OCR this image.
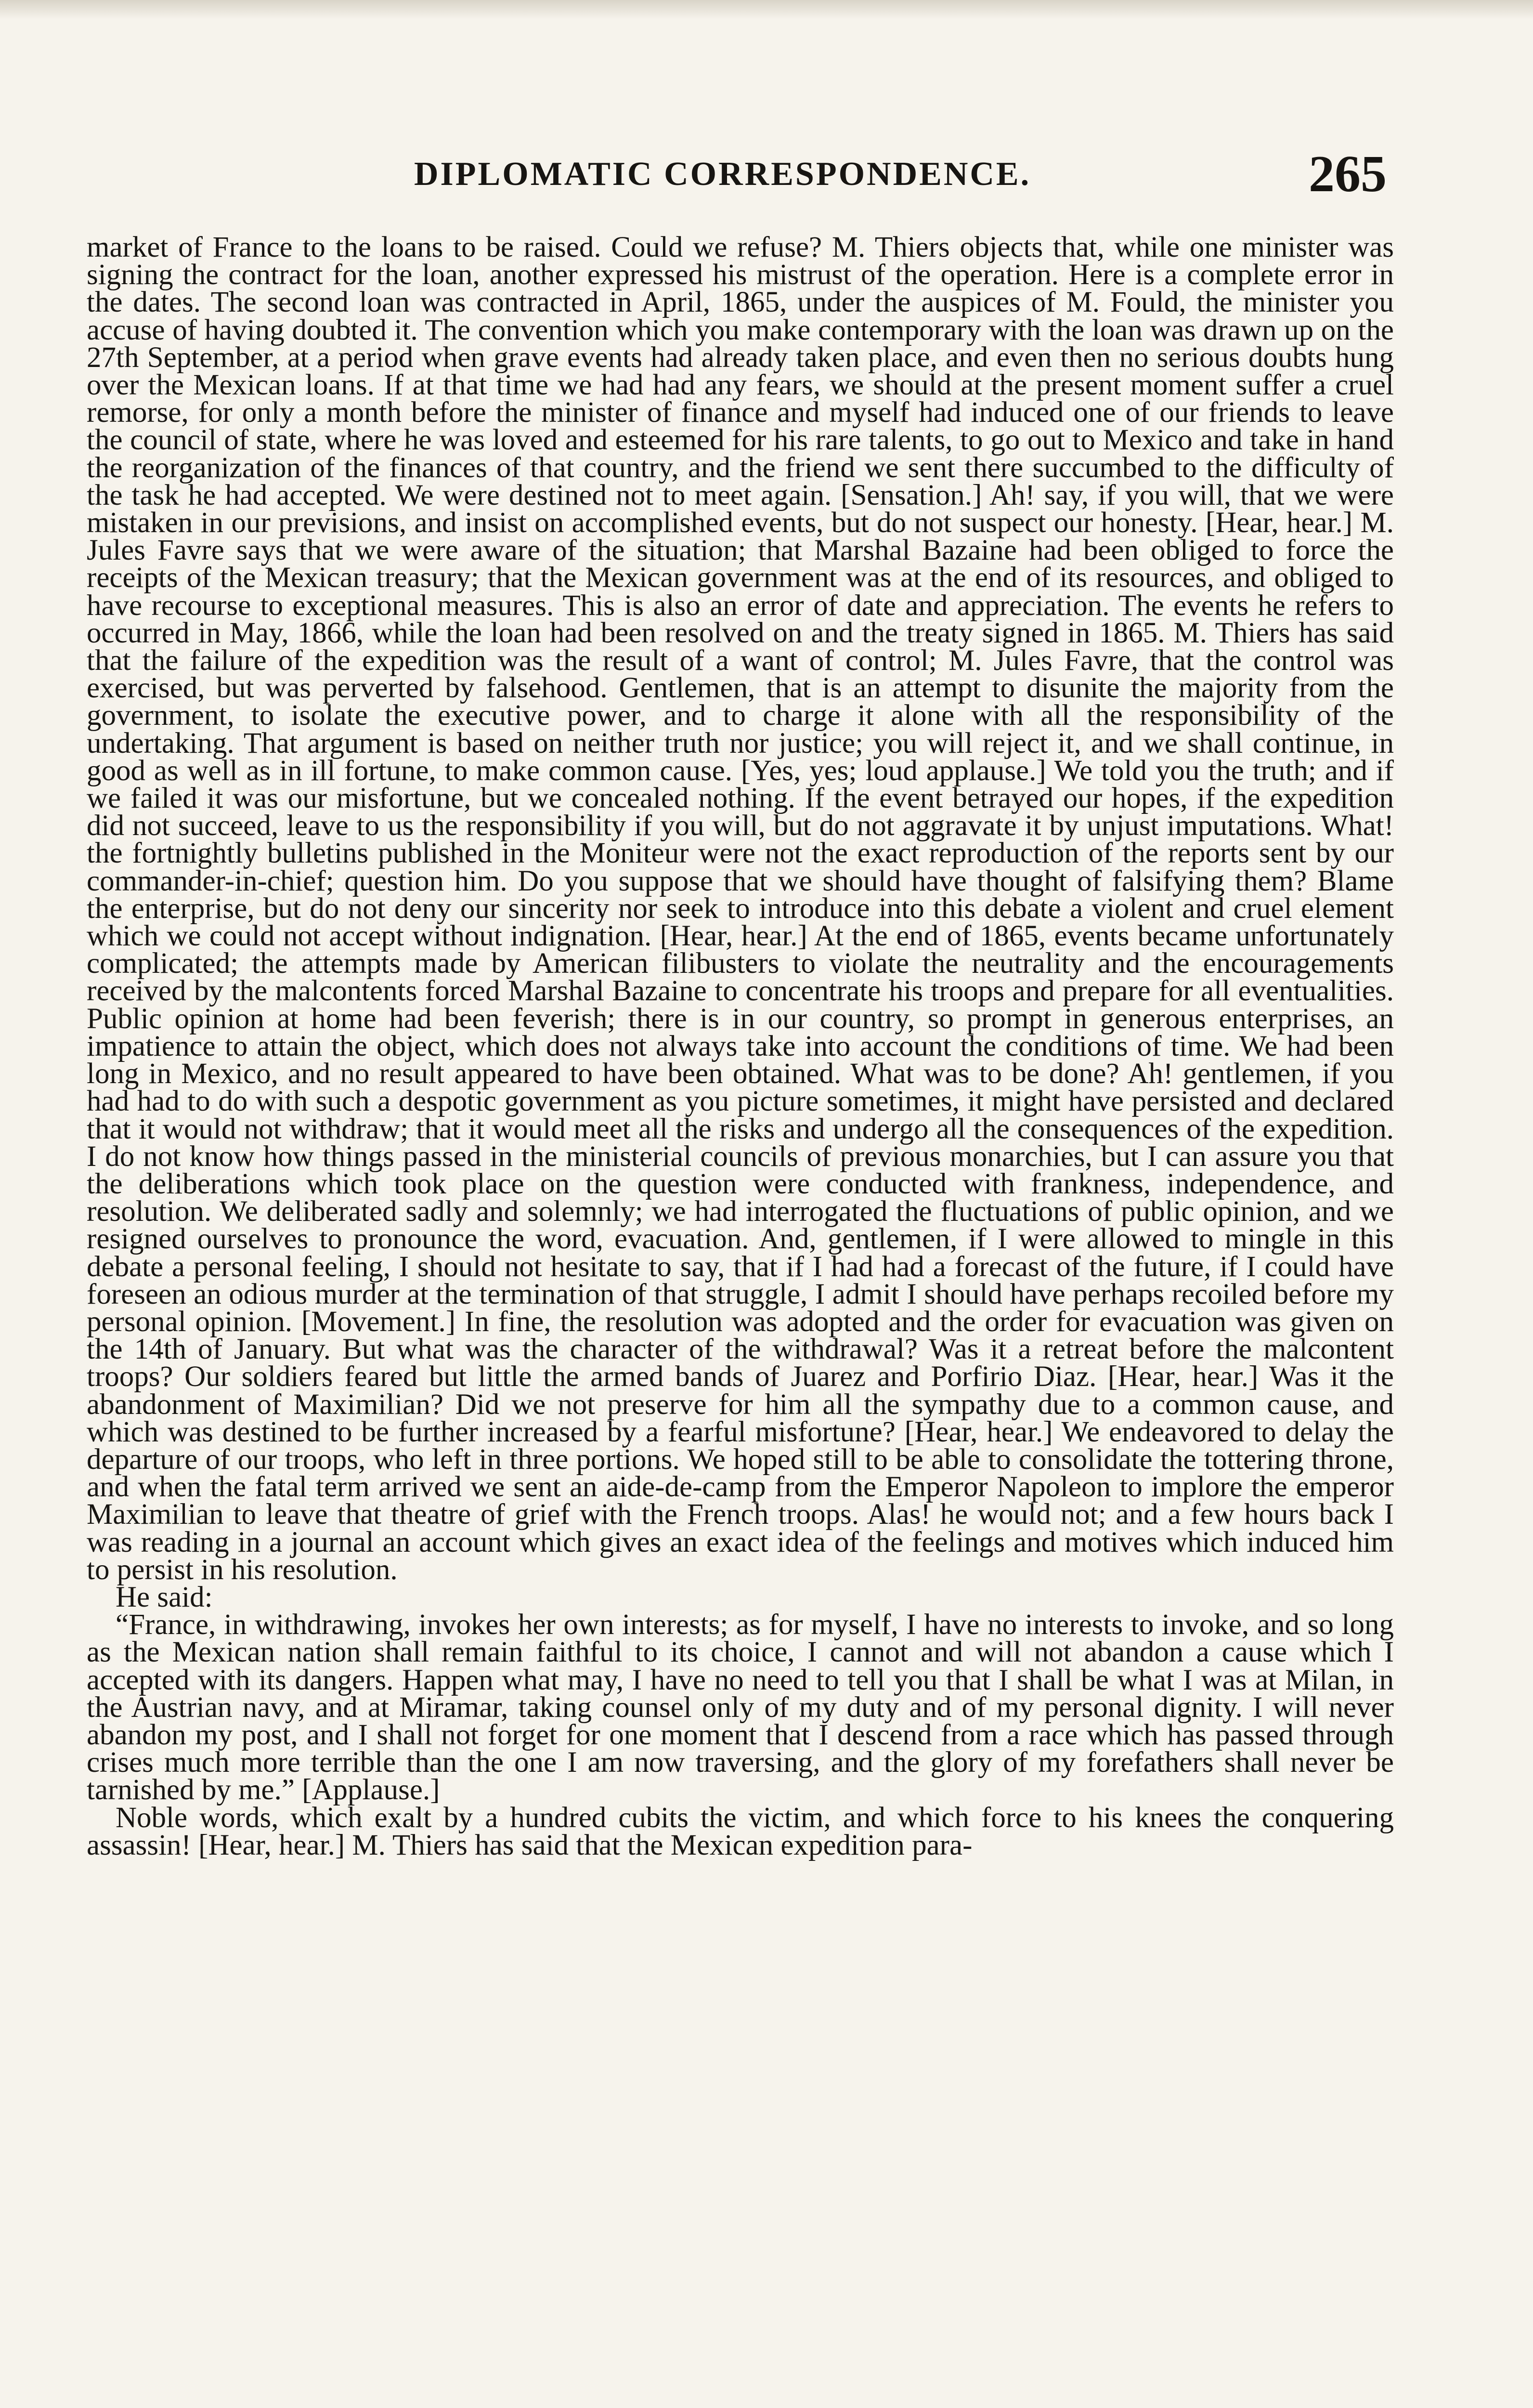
DIPLOMATIC CORRESPONDENCE.	265

market of France to the loans to be raised. Could we refuse? M. Thiers objects that, while one minister was signing the contract for the loan, another expressed his mistrust of the operation. Here is a complete error in the dates. The second loan was contracted in April, 1865, under the auspices of M. Fould, the minister you accuse of having doubted it. The convention which you make contemporary with the loan was drawn up on the 27th September, at a period when grave events had already taken place, and even then no serious doubts hung over the Mexican loans. If at that time we had had any fears, we should at the present moment suffer a cruel remorse, for only a month before the minister of finance and myself had induced one of our friends to leave the council of state, where he was loved and esteemed for his rare talents, to go out to Mexico and take in hand the reorganization of the finances of that country, and the friend we sent there succumbed to the difficulty of the task he had accepted. We were destined not to meet again. [Sensation.] Ah! say, if you will, that we were mistaken in our previsions, and insist on accomplished events, but do not suspect our honesty. [Hear, hear.] M. Jules Favre says that we were aware of the situation; that Marshal Bazaine had been obliged to force the receipts of the Mexican treasury; that the Mexican government was at the end of its resources, and obliged to have recourse to exceptional measures. This is also an error of date and appreciation. The events he refers to occurred in May, 1866, while the loan had been resolved on and the treaty signed in 1865. M. Thiers has said that the failure of the expedition was the result of a want of control; M. Jules Favre, that the control was exercised, but was perverted by falsehood. Gentlemen, that is an attempt to disunite the majority from the government, to isolate the executive power, and to charge it alone with all the responsibility of the undertaking. That argument is based on neither truth nor justice; you will reject it, and we shall continue, in good as well as in ill fortune, to make common cause. [Yes, yes; loud applause.] We told you the truth; and if we failed it was our misfortune, but we concealed nothing. If the event betrayed our hopes, if the expedition did not succeed, leave to us the responsibility if you will, but do not aggravate it by unjust imputations. What! the fortnightly bulletins published in the Moniteur were not the exact reproduction of the reports sent by our commander-in-chief; question him. Do you suppose that we should have thought of falsifying them? Blame the enterprise, but do not deny our sincerity nor seek to introduce into this debate a violent and cruel element which we could not accept without indignation. [Hear, hear.] At the end of 1865, events became unfortunately complicated; the attempts made by American filibusters to violate the neutrality and the encouragements received by the malcontents forced Marshal Bazaine to concentrate his troops and prepare for all eventualities. Public opinion at home had been feverish; there is in our country, so prompt in generous enterprises, an impatience to attain the object, which does not always take into account the conditions of time. We had been long in Mexico, and no result appeared to have been obtained. What was to be done? Ah! gentlemen, if you had had to do with such a despotic government as you picture sometimes, it might have persisted and declared that it would not withdraw; that it would meet all the risks and undergo all the consequences of the expedition. I do not know how things passed in the ministerial councils of previous monarchies, but I can assure you that the deliberations which took place on the question were conducted with frankness, independence, and resolution. We deliberated sadly and solemnly; we had interrogated the fluctuations of public opinion, and we resigned ourselves to pronounce the word, evacuation. And, gentlemen, if I were allowed to mingle in this debate a personal feeling, I should not hesitate to say, that if I had had a forecast of the future, if I could have foreseen an odious murder at the termination of that struggle, I admit I should have perhaps recoiled before my personal opinion. [Movement.] In fine, the resolution was adopted and the order for evacuation was given on the 14th of January. But what was the character of the withdrawal? Was it a retreat before the malcontent troops? Our soldiers feared but little the armed bands of Juarez and Porfirio Diaz. [Hear, hear.] Was it the abandonment of Maximilian? Did we not preserve for him all the sympathy due to a common cause, and which was destined to be further increased by a fearful misfortune? [Hear, hear.] We endeavored to delay the departure of our troops, who left in three portions. We hoped still to be able to consolidate the tottering throne, and when the fatal term arrived we sent an aide-de-camp from the Emperor Napoleon to implore the emperor Maximilian to leave that theatre of grief with the French troops. Alas! he would not; and a few hours back I was reading in a journal an account which gives an exact idea of the feelings and motives which induced him to persist in his resolution.

He said:

“France, in withdrawing, invokes her own interests; as for myself, I have no interests to invoke, and so long as the Mexican nation shall remain faithful to its choice, I cannot and will not abandon a cause which I accepted with its dangers. Happen what may, I have no need to tell you that I shall be what I was at Milan, in the Austrian navy, and at Miramar, taking counsel only of my duty and of my personal dignity. I will never abandon my post, and I shall not forget for one moment that I descend from a race which has passed through crises much more terrible than the one I am now traversing, and the glory of my forefathers shall never be tarnished by me.” [Applause.]

Noble words, which exalt by a hundred cubits the victim, and which force to his knees the conquering assassin! [Hear, hear.] M. Thiers has said that the Mexican expedition para-
